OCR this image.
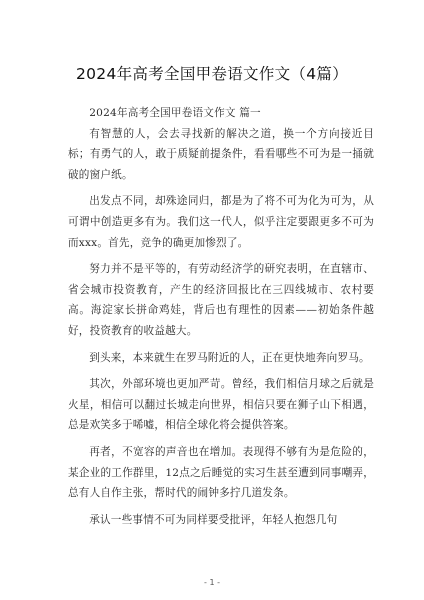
2024年高考全国甲卷语文作文（4篇）

2024年高考全国甲卷语文作文 篇一

有智慧的人，会去寻找新的解决之道，换一个方向接近目标；有勇气的人，敢于质疑前提条件，看看哪些不可为是一捅就破的窗户纸。

出发点不同，却殊途同归，都是为了将不可为化为可为，从可谓中创造更多有为。我们这一代人，似乎注定要跟更多不可为而xxx。首先，竞争的确更加惨烈了。

努力并不是平等的，有劳动经济学的研究表明，在直辖市、省会城市投资教育，产生的经济回报比在三四线城市、农村要高。海淀家长拼命鸡娃，背后也有理性的因素——初始条件越好，投资教育的收益越大。

到头来，本来就生在罗马附近的人，正在更快地奔向罗马。

其次，外部环境也更加严苛。曾经，我们相信月球之后就是火星，相信可以翻过长城走向世界，相信只要在狮子山下相遇，总是欢笑多于唏嘘，相信全球化将会提供答案。

再者，不宽容的声音也在增加。表现得不够有为是危险的，某企业的工作群里，12点之后睡觉的实习生甚至遭到同事嘲弄，总有人自作主张，帮时代的闹钟多拧几道发条。

承认一些事情不可为同样要受批评，年轻人抱怨几句

- 1 -
